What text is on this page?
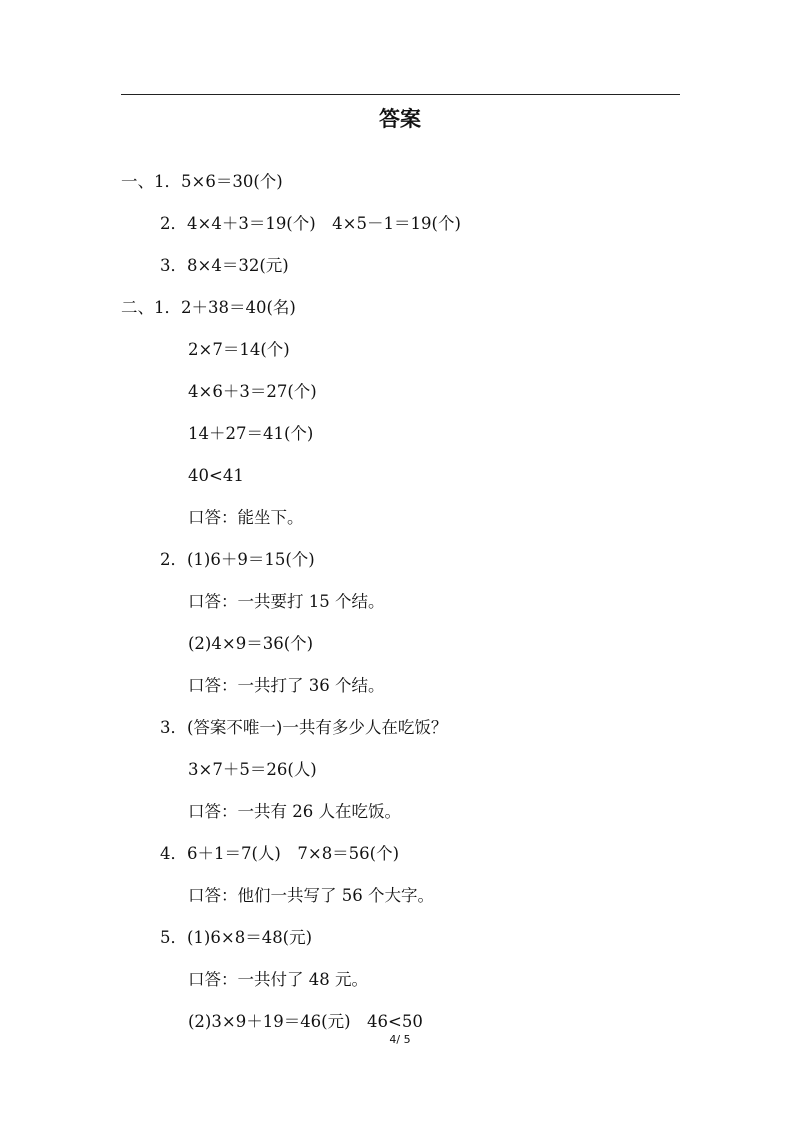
答案
一、1．5×6＝30(个)
2．4×4＋3＝19(个)　4×5－1＝19(个)
3．8×4＝32(元)
二、1．2＋38＝40(名)
2×7＝14(个)
4×6＋3＝27(个)
14＋27＝41(个)
40<41
口答：能坐下。
2．(1)6＋9＝15(个)
口答：一共要打 15 个结。
(2)4×9＝36(个)
口答：一共打了 36 个结。
3．(答案不唯一)一共有多少人在吃饭？
3×7＋5＝26(人)
口答：一共有 26 人在吃饭。
4．6＋1＝7(人)　7×8＝56(个)
口答：他们一共写了 56 个大字。
5．(1)6×8＝48(元)
口答：一共付了 48 元。
(2)3×9＋19＝46(元)　46<50
4/ 5
